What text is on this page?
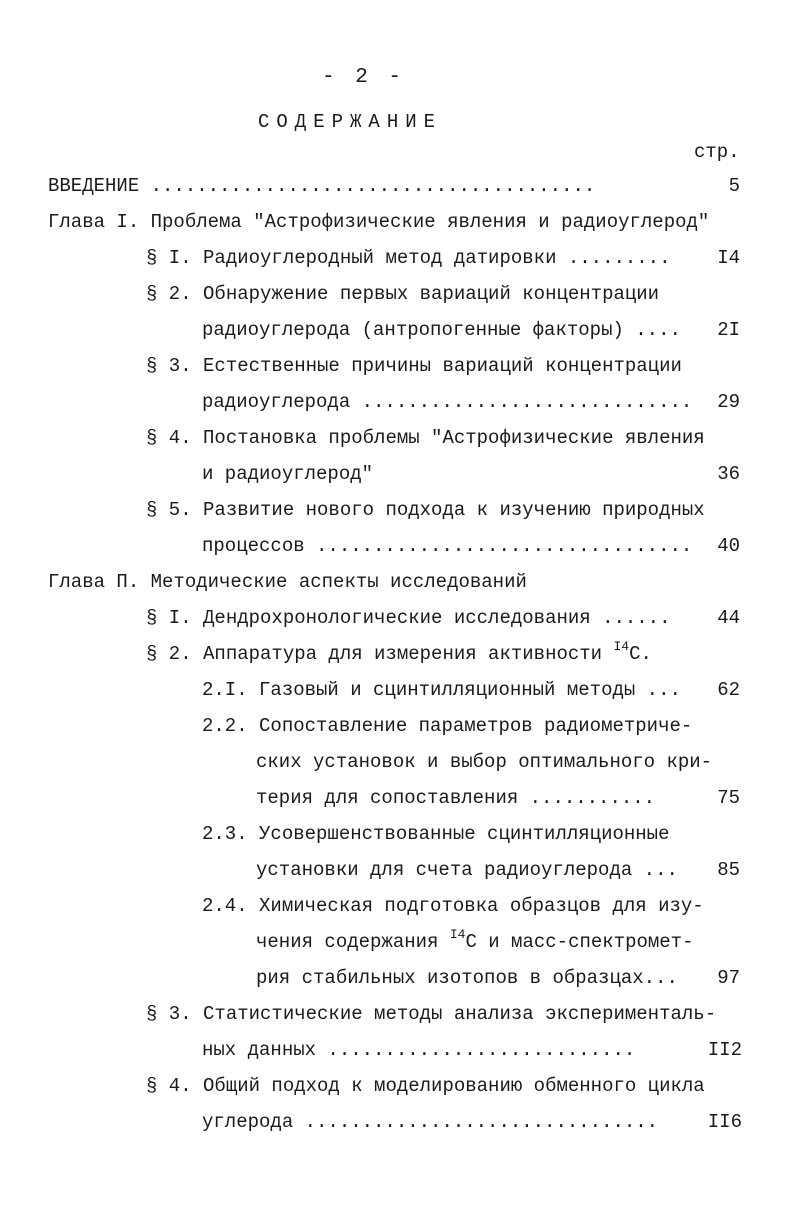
- 2 -
СОДЕРЖАНИЕ
стр.
ВВЕДЕНИЕ .......................................	5
Глава I. Проблема "Астрофизические явления и радиоуглерод"
§ I. Радиоуглеродный метод датировки .........	I4
§ 2. Обнаружение первых вариаций концентрации
радиоуглерода (антропогенные факторы) ....	2I
§ 3. Естественные причины вариаций концентрации
радиоуглерода .............................	29
§ 4. Постановка проблемы "Астрофизические явления
и радиоуглерод"	36
§ 5. Развитие нового подхода к изучению природных
процессов .................................	40
Глава П. Методические аспекты исследований
§ I. Дендрохронологические исследования ......	44
§ 2. Аппаратура для измерения активности $^{I4}$С.
2.I. Газовый и сцинтилляционный методы ...	62
2.2. Сопоставление параметров радиометриче-
ских установок и выбор оптимального кри-
терия для сопоставления ...........	75
2.3. Усовершенствованные сцинтилляционные
установки для счета радиоуглерода ...	85
2.4. Химическая подготовка образцов для изу-
чения содержания $^{I4}$С и масс-спектромет-
рия стабильных изотопов в образцах...	97
§ 3. Статистические методы анализа эксперименталь-
ных данных ...........................	II2
§ 4. Общий подход к моделированию обменного цикла
углерода ...............................	II6
